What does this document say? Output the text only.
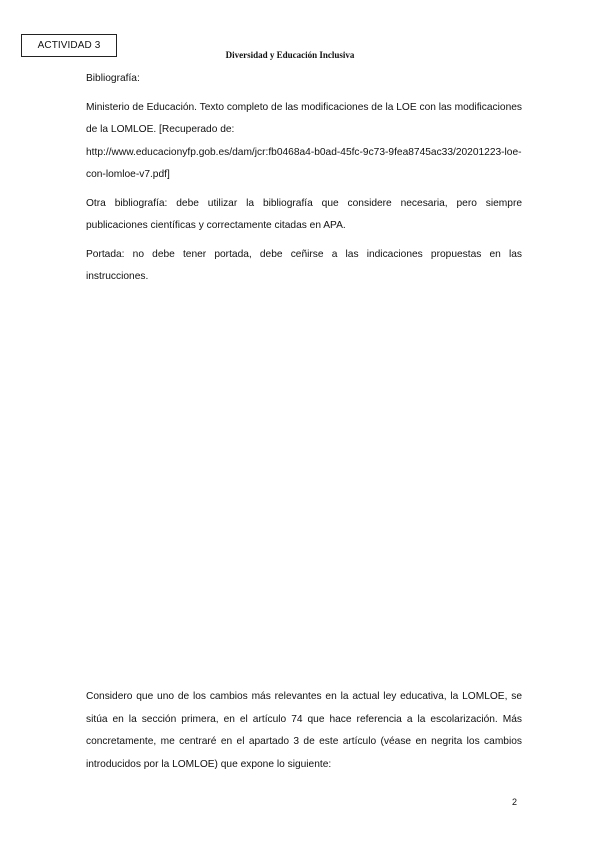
ACTIVIDAD 3
Diversidad y Educación Inclusiva

Bibliografía:

Ministerio de Educación. Texto completo de las modificaciones de la LOE con las modificaciones de la LOMLOE. [Recuperado de:

http://www.educacionyfp.gob.es/dam/jcr:fb0468a4-b0ad-45fc-9c73-9fea8745ac33/20201223-loe-con-lomloe-v7.pdf]

Otra bibliografía: debe utilizar la bibliografía que considere necesaria, pero siempre publicaciones científicas y correctamente citadas en APA.

Portada: no debe tener portada, debe ceñirse a las indicaciones propuestas en las instrucciones.

Considero que uno de los cambios más relevantes en la actual ley educativa, la LOMLOE, se sitúa en la sección primera, en el artículo 74 que hace referencia a la escolarización. Más concretamente, me centraré en el apartado 3 de este artículo (véase en negrita los cambios introducidos por la LOMLOE) que expone lo siguiente:

2
